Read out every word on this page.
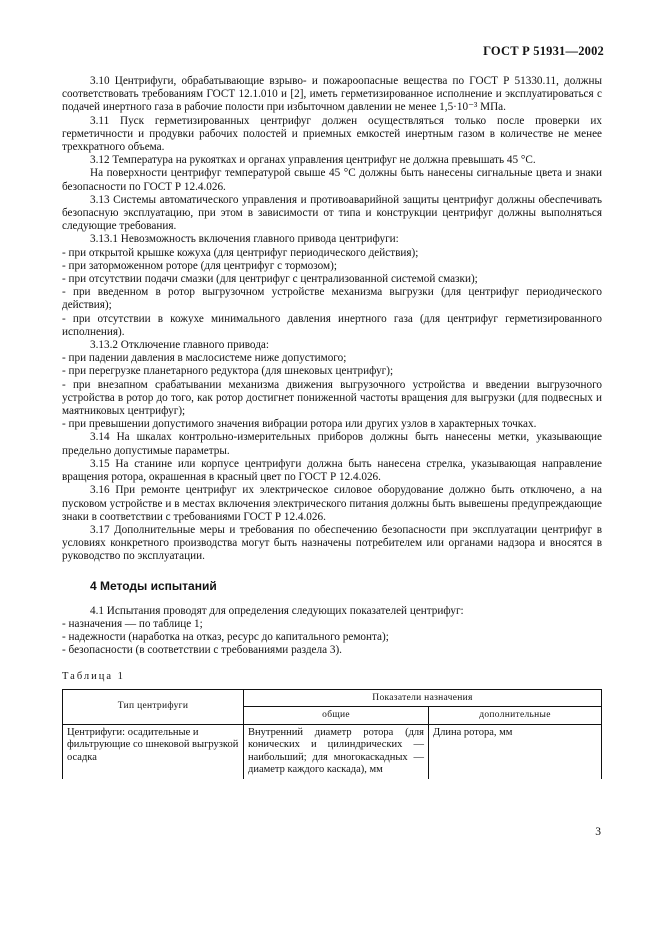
ГОСТ Р 51931—2002

3.10 Центрифуги, обрабатывающие взрыво- и пожароопасные вещества по ГОСТ Р 51330.11, должны соответствовать требованиям ГОСТ 12.1.010 и [2], иметь герметизированное исполнение и эксплуатироваться с подачей инертного газа в рабочие полости при избыточном давлении не менее 1,5·10⁻³ МПа.

3.11 Пуск герметизированных центрифуг должен осуществляться только после проверки их герметичности и продувки рабочих полостей и приемных емкостей инертным газом в количестве не менее трехкратного объема.

3.12 Температура на рукоятках и органах управления центрифуг не должна превышать 45 °С.

На поверхности центрифуг температурой свыше 45 °С должны быть нанесены сигнальные цвета и знаки безопасности по ГОСТ Р 12.4.026.

3.13 Системы автоматического управления и противоаварийной защиты центрифуг должны обеспечивать безопасную эксплуатацию, при этом в зависимости от типа и конструкции центрифуг должны выполняться следующие требования.

3.13.1 Невозможность включения главного привода центрифуги:

- при открытой крышке кожуха (для центрифуг периодического действия);

- при заторможенном роторе (для центрифуг с тормозом);

- при отсутствии подачи смазки (для центрифуг с централизованной системой смазки);

- при введенном в ротор выгрузочном устройстве механизма выгрузки (для центрифуг периодического действия);

- при отсутствии в кожухе минимального давления инертного газа (для центрифуг герметизированного исполнения).

3.13.2 Отключение главного привода:

- при падении давления в маслосистеме ниже допустимого;

- при перегрузке планетарного редуктора (для шнековых центрифуг);

- при внезапном срабатывании механизма движения выгрузочного устройства и введении выгрузочного устройства в ротор до того, как ротор достигнет пониженной частоты вращения для выгрузки (для подвесных и маятниковых центрифуг);

- при превышении допустимого значения вибрации ротора или других узлов в характерных точках.

3.14 На шкалах контрольно-измерительных приборов должны быть нанесены метки, указывающие предельно допустимые параметры.

3.15 На станине или корпусе центрифуги должна быть нанесена стрелка, указывающая направление вращения ротора, окрашенная в красный цвет по ГОСТ Р 12.4.026.

3.16 При ремонте центрифуг их электрическое силовое оборудование должно быть отключено, а на пусковом устройстве и в местах включения электрического питания должны быть вывешены предупреждающие знаки в соответствии с требованиями ГОСТ Р 12.4.026.

3.17 Дополнительные меры и требования по обеспечению безопасности при эксплуатации центрифуг в условиях конкретного производства могут быть назначены потребителем или органами надзора и вносятся в руководство по эксплуатации.

4 Методы испытаний

4.1 Испытания проводят для определения следующих показателей центрифуг:

- назначения — по таблице 1;

- надежности (наработка на отказ, ресурс до капитального ремонта);

- безопасности (в соответствии с требованиями раздела 3).

Таблица 1

Тип центрифуги	Показатели назначения	
	общие	дополнительные
Центрифуги: осадительные и фильтрующие со шнековой выгрузкой осадка	Внутренний диаметр ротора (для конических и цилиндрических — наибольший; для многокаскадных — диаметр каждого каскада), мм	Длина ротора, мм
3
